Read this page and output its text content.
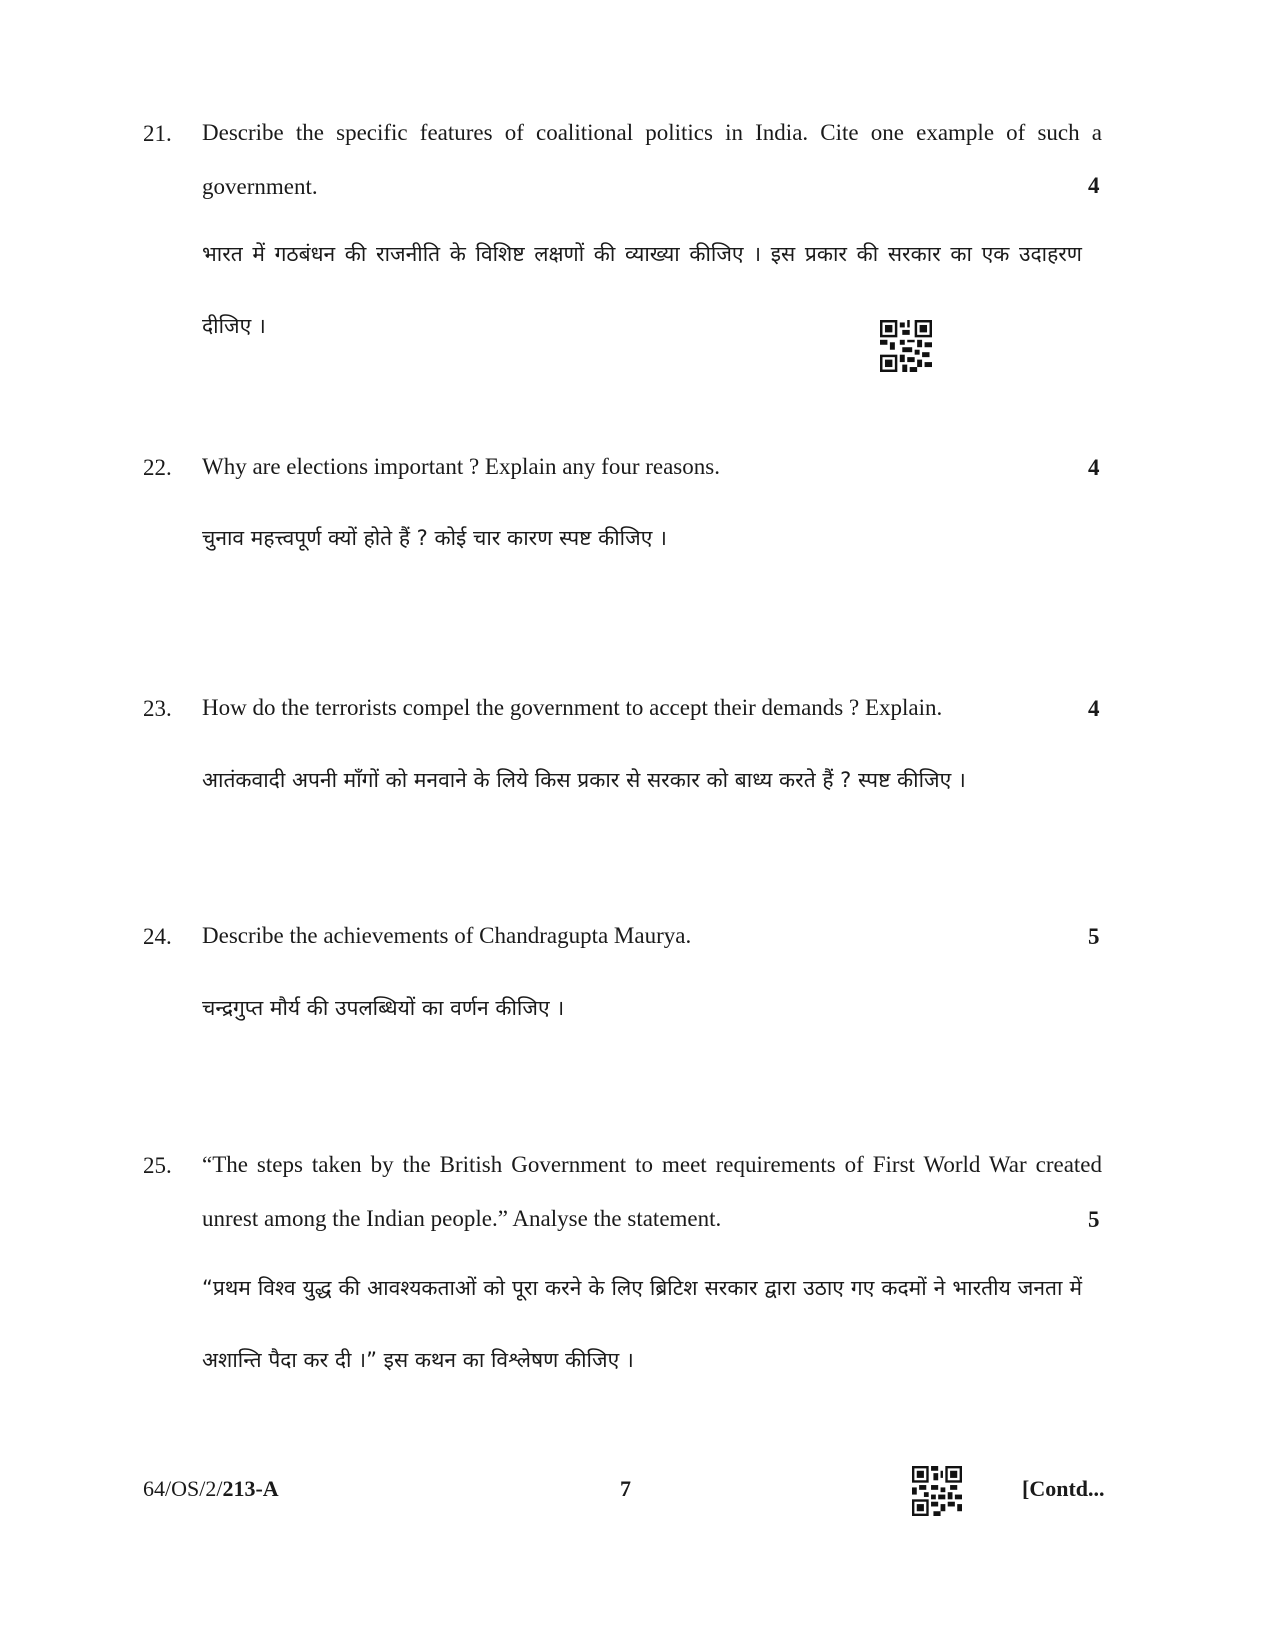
21. Describe the specific features of coalitional politics in India. Cite one example of such a government.	4
भारत में गठबंधन की राजनीति के विशिष्ट लक्षणों की व्याख्या कीजिए । इस प्रकार की सरकार का एक उदाहरण दीजिए ।
22. Why are elections important ? Explain any four reasons.	4
चुनाव महत्त्वपूर्ण क्यों होते हैं ? कोई चार कारण स्पष्ट कीजिए ।
23. How do the terrorists compel the government to accept their demands ? Explain.	4
आतंकवादी अपनी माँगों को मनवाने के लिये किस प्रकार से सरकार को बाध्य करते हैं ? स्पष्ट कीजिए ।
24. Describe the achievements of Chandragupta Maurya.	5
चन्द्रगुप्त मौर्य की उपलब्धियों का वर्णन कीजिए ।
25. “The steps taken by the British Government to meet requirements of First World War created unrest among the Indian people.” Analyse the statement.	5
“प्रथम विश्व युद्ध की आवश्यकताओं को पूरा करने के लिए ब्रिटिश सरकार द्वारा उठाए गए कदमों ने भारतीय जनता में अशान्ति पैदा कर दी ।” इस कथन का विश्लेषण कीजिए ।
64/OS/2/213-A	7	[Contd...
